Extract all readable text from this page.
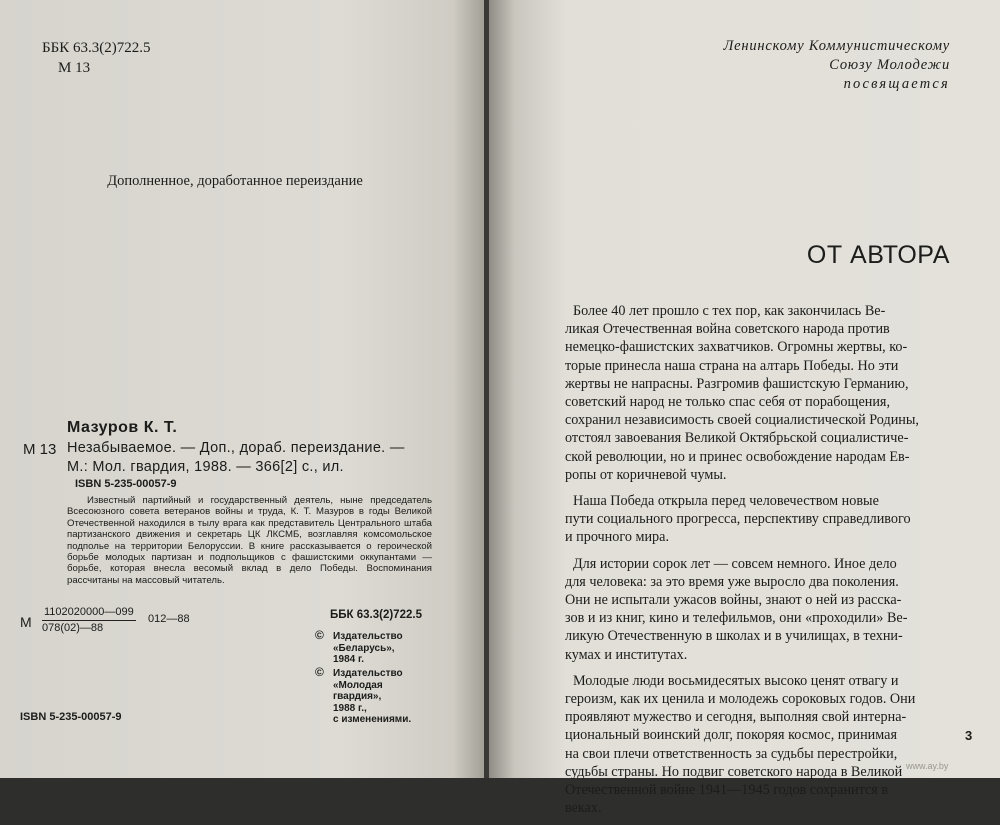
ББК 63.3(2)722.5
М 13
Дополненное, доработанное переиздание
Мазуров К. Т.
М 13 Незабываемое. — Доп., дораб. переиздание. —
М.: Мол. гвардия, 1988. — 366[2] с., ил.
ISBN 5-235-00057-9
Известный партийный и государственный деятель, ныне председатель Всесоюзного совета ветеранов войны и труда, К. Т. Мазуров в годы Великой Отечественной находился в тылу врага как представитель Центрального штаба партизанского движения и секретарь ЦК ЛКСМБ, возглавляя комсомольское подполье на территории Белоруссии. В книге рассказывается о героической борьбе молодых партизан и подпольщиков с фашистскими оккупантами — борьбе, которая внесла весомый вклад в дело Победы. Воспоминания рассчитаны на массовый читатель.
М $\frac{1102020000—099}{078(02)—88}$ 012—88	ББК 63.3(2)722.5
© Издательство
«Беларусь»,
1984 г.
© Издательство
«Молодая
гвардия»,
1988 г.,
с изменениями.
ISBN 5-235-00057-9
Ленинскому Коммунистическому
Союзу Молодежи
посвящается
ОТ АВТОРА

Более 40 лет прошло с тех пор, как закончилась Ве-
ликая Отечественная война советского народа против
немецко-фашистских захватчиков. Огромны жертвы, ко-
торые принесла наша страна на алтарь Победы. Но эти
жертвы не напрасны. Разгромив фашистскую Германию,
советский народ не только спас себя от порабощения,
сохранил независимость своей социалистической Родины,
отстоял завоевания Великой Октябрьской социалистиче-
ской революции, но и принес освобождение народам Ев-
ропы от коричневой чумы.

Наша Победа открыла перед человечеством новые
пути социального прогресса, перспективу справедливого
и прочного мира.

Для истории сорок лет — совсем немного. Иное дело
для человека: за это время уже выросло два поколения.
Они не испытали ужасов войны, знают о ней из расска-
зов и из книг, кино и телефильмов, они «проходили» Ве-
ликую Отечественную в школах и в училищах, в техни-
кумах и институтах.

Молодые люди восьмидесятых высоко ценят отвагу и
героизм, как их ценила и молодежь сороковых годов. Они
проявляют мужество и сегодня, выполняя свой интерна-
циональный воинский долг, покоряя космос, принимая
на свои плечи ответственность за судьбы перестройки,
судьбы страны. Но подвиг советского народа в Великой
Отечественной войне 1941—1945 годов сохранится в
веках.

3
www.ay.by
